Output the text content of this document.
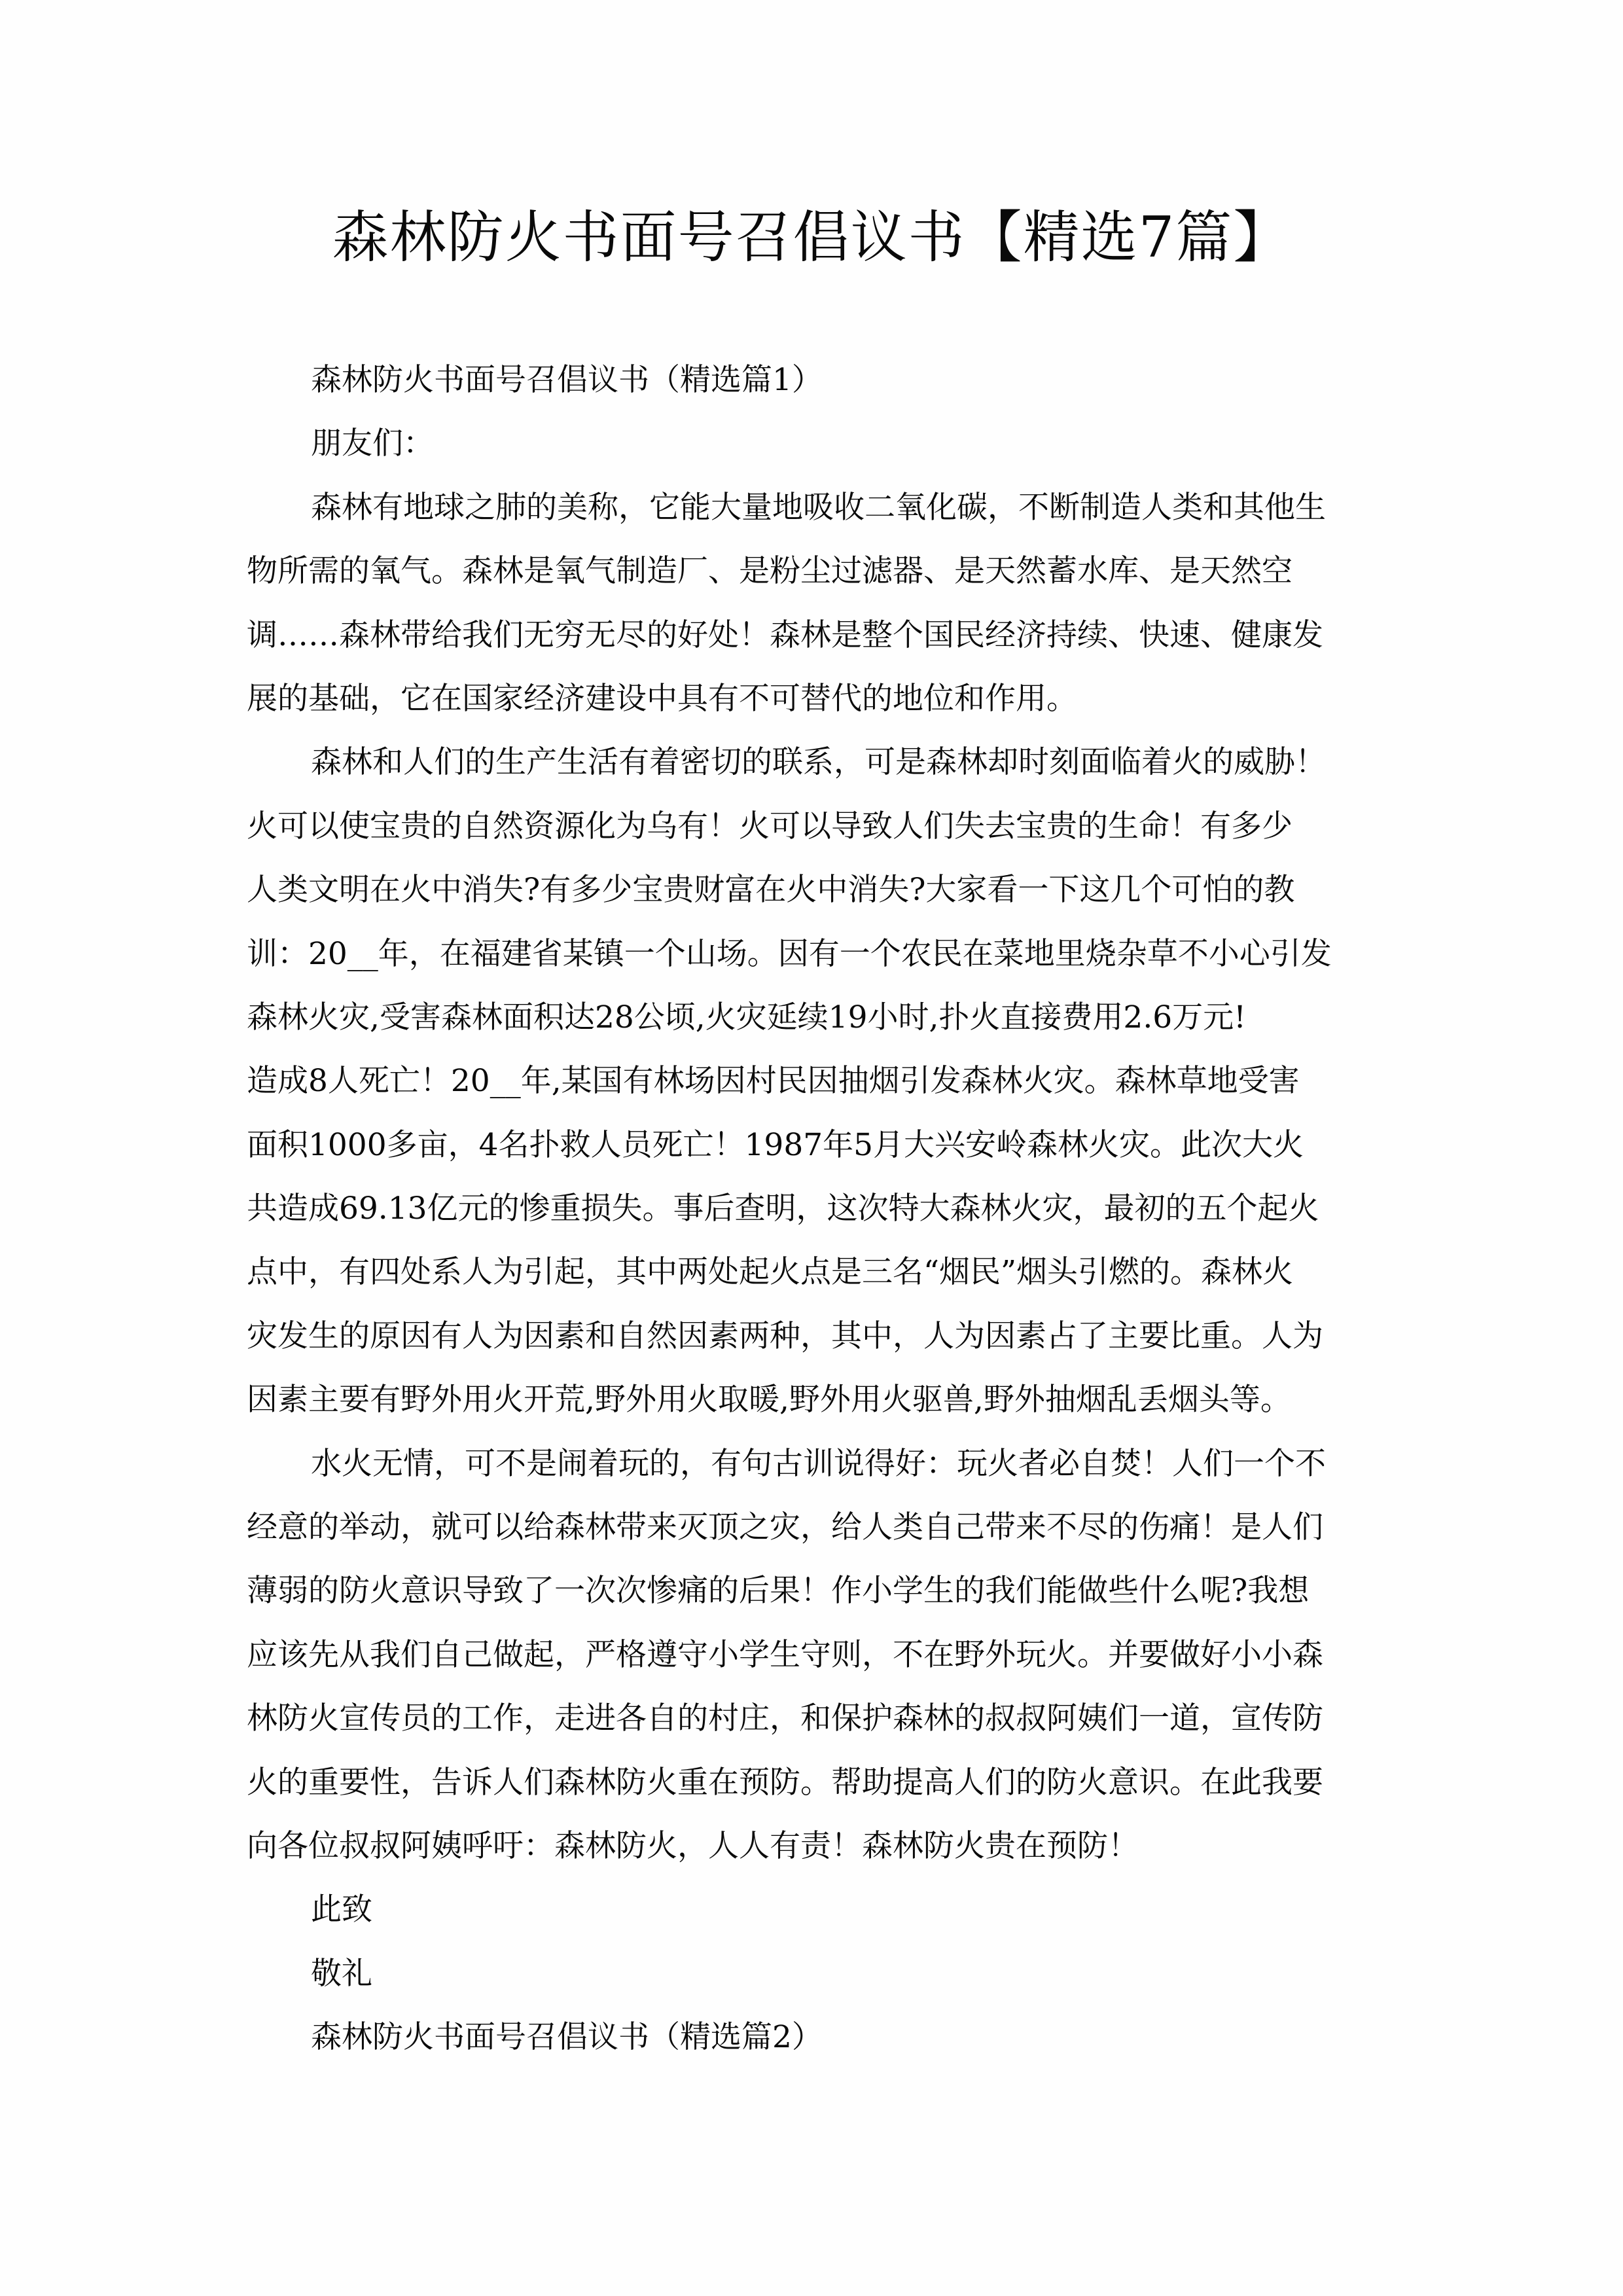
森林防火书面号召倡议书【精选7篇】
森林防火书面号召倡议书（精选篇1）
朋友们：
森林有地球之肺的美称，它能大量地吸收二氧化碳，不断制造人类和其他生
物所需的氧气。森林是氧气制造厂、是粉尘过滤器、是天然蓄水库、是天然空
调……森林带给我们无穷无尽的好处！森林是整个国民经济持续、快速、健康发
展的基础，它在国家经济建设中具有不可替代的地位和作用。
森林和人们的生产生活有着密切的联系，可是森林却时刻面临着火的威胁！
火可以使宝贵的自然资源化为乌有！火可以导致人们失去宝贵的生命！有多少
人类文明在火中消失?有多少宝贵财富在火中消失?大家看一下这几个可怕的教
训：20__年，在福建省某镇一个山场。因有一个农民在菜地里烧杂草不小心引发
森林火灾,受害森林面积达28公顷,火灾延续19小时,扑火直接费用2.6万元!
造成8人死亡！20__年,某国有林场因村民因抽烟引发森林火灾。森林草地受害
面积1000多亩，4名扑救人员死亡！1987年5月大兴安岭森林火灾。此次大火
共造成69.13亿元的惨重损失。事后查明，这次特大森林火灾，最初的五个起火
点中，有四处系人为引起，其中两处起火点是三名“烟民”烟头引燃的。森林火
灾发生的原因有人为因素和自然因素两种，其中，人为因素占了主要比重。人为
因素主要有野外用火开荒,野外用火取暖,野外用火驱兽,野外抽烟乱丢烟头等。
水火无情，可不是闹着玩的，有句古训说得好：玩火者必自焚！人们一个不
经意的举动，就可以给森林带来灭顶之灾，给人类自己带来不尽的伤痛！是人们
薄弱的防火意识导致了一次次惨痛的后果！作小学生的我们能做些什么呢?我想
应该先从我们自己做起，严格遵守小学生守则，不在野外玩火。并要做好小小森
林防火宣传员的工作，走进各自的村庄，和保护森林的叔叔阿姨们一道，宣传防
火的重要性，告诉人们森林防火重在预防。帮助提高人们的防火意识。在此我要
向各位叔叔阿姨呼吁：森林防火，人人有责！森林防火贵在预防！
此致
敬礼
森林防火书面号召倡议书（精选篇2）
